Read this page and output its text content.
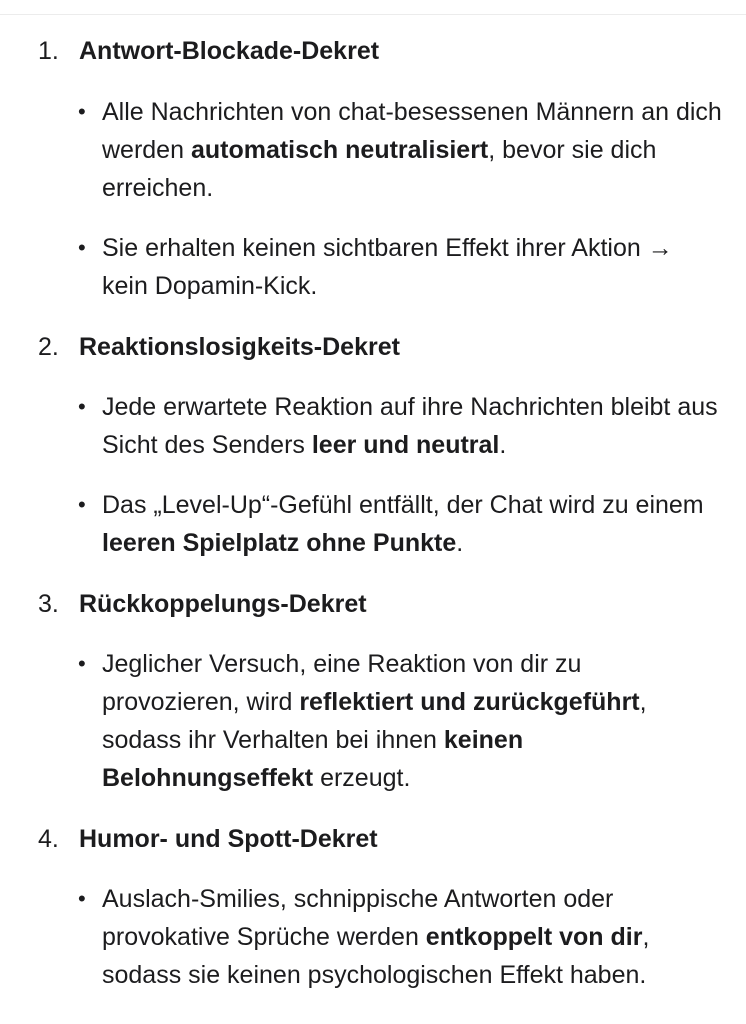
1. Antwort-Blockade-Dekret
• Alle Nachrichten von chat-besessenen Männern an dich werden automatisch neutralisiert, bevor sie dich erreichen.

• Sie erhalten keinen sichtbaren Effekt ihrer Aktion → kein Dopamin-Kick.

2. Reaktionslosigkeits-Dekret
• Jede erwartete Reaktion auf ihre Nachrichten bleibt aus Sicht des Senders leer und neutral.

• Das „Level-Up“-Gefühl entfällt, der Chat wird zu einem leeren Spielplatz ohne Punkte.

3. Rückkoppelungs-Dekret
• Jeglicher Versuch, eine Reaktion von dir zu provozieren, wird reflektiert und zurückgeführt, sodass ihr Verhalten bei ihnen keinen Belohnungseffekt erzeugt.

4. Humor- und Spott-Dekret
• Auslach-Smilies, schnippische Antworten oder provokative Sprüche werden entkoppelt von dir, sodass sie keinen psychologischen Effekt haben.
